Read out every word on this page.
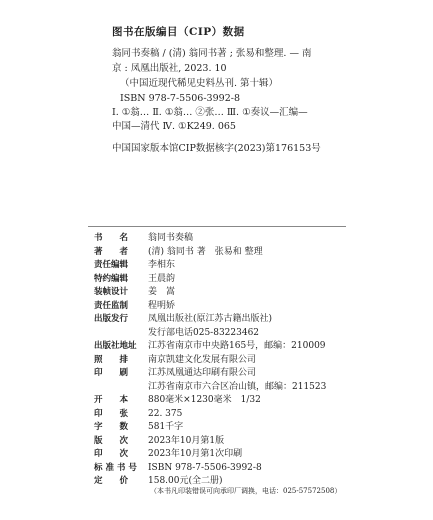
图书在版编目（CIP）数据
翁同书奏稿 / (清) 翁同书著 ; 张易和整理. — 南
京 : 凤凰出版社, 2023. 10
（中国近现代稀见史料丛刊. 第十辑）
ISBN 978-7-5506-3992-8
Ⅰ. ①翁… Ⅱ. ①翁… ②张… Ⅲ. ①奏议—汇编—
中国—清代 Ⅳ. ①K249. 065
中国国家版本馆CIP数据核字(2023)第176153号
书　　名	翁同书奏稿
著　　者	(清) 翁同书 著　张易和 整理
责任编辑	李相东
特约编辑	王晨韵
装帧设计	姜　嵩
责任监制	程明娇
出版发行	凤凰出版社(原江苏古籍出版社)
发行部电话025-83223462
出版社地址	江苏省南京市中央路165号，邮编：210009
照　　排	南京凯建文化发展有限公司
印　　刷	江苏凤凰通达印刷有限公司
江苏省南京市六合区冶山镇，邮编：211523
开　　本	880毫米×1230毫米　1/32
印　　张	22. 375
字　　数	581千字
版　　次	2023年10月第1版
印　　次	2023年10月第1次印刷
标 准 书 号	ISBN 978-7-5506-3992-8
定　　价	158.00元(全二册)
（本书凡印装错误可向承印厂调换，电话：025-57572508）
